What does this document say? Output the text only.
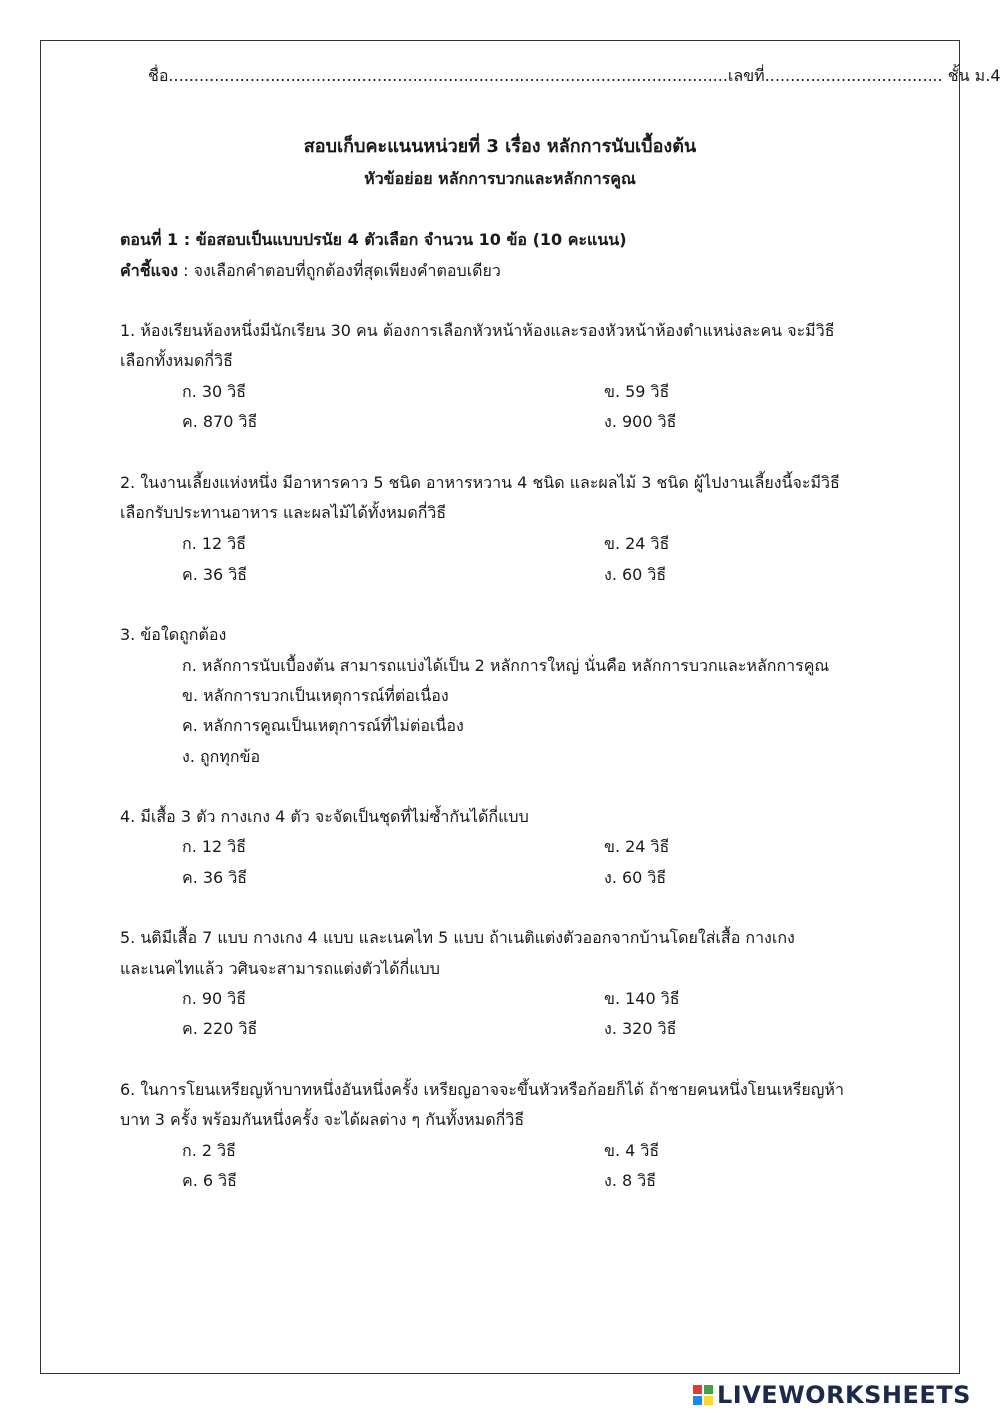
ชื่อ..............................................................................................................เลขที่................................... ชั้น ม.4
สอบเก็บคะแนนหน่วยที่ 3 เรื่อง หลักการนับเบื้องต้น
หัวข้อย่อย หลักการบวกและหลักการคูณ
ตอนที่ 1 : ข้อสอบเป็นแบบปรนัย 4 ตัวเลือก จำนวน 10 ข้อ (10 คะแนน)
คำชี้แจง : จงเลือกคำตอบที่ถูกต้องที่สุดเพียงคำตอบเดียว
1. ห้องเรียนห้องหนึ่งมีนักเรียน 30 คน ต้องการเลือกหัวหน้าห้องและรองหัวหน้าห้องตำแหน่งละคน จะมีวิธี
เลือกทั้งหมดกี่วิธี
ก. 30 วิธี	ข. 59 วิธี
ค. 870 วิธี	ง. 900 วิธี
2. ในงานเลี้ยงแห่งหนึ่ง มีอาหารคาว 5 ชนิด อาหารหวาน 4 ชนิด และผลไม้ 3 ชนิด ผู้ไปงานเลี้ยงนี้จะมีวิธี
เลือกรับประทานอาหาร และผลไม้ได้ทั้งหมดกี่วิธี
ก. 12 วิธี	ข. 24 วิธี
ค. 36 วิธี	ง. 60 วิธี
3. ข้อใดถูกต้อง
ก. หลักการนับเบื้องต้น สามารถแบ่งได้เป็น 2 หลักการใหญ่ นั่นคือ หลักการบวกและหลักการคูณ
ข. หลักการบวกเป็นเหตุการณ์ที่ต่อเนื่อง
ค. หลักการคูณเป็นเหตุการณ์ที่ไม่ต่อเนื่อง
ง. ถูกทุกข้อ
4. มีเสื้อ 3 ตัว กางเกง 4 ตัว จะจัดเป็นชุดที่ไม่ซ้ำกันได้กี่แบบ
ก. 12 วิธี	ข. 24 วิธี
ค. 36 วิธี	ง. 60 วิธี
5. นติมีเสื้อ 7 แบบ กางเกง 4 แบบ และเนคไท 5 แบบ ถ้าเนติแต่งตัวออกจากบ้านโดยใส่เสื้อ กางเกง
และเนคไทแล้ว วศินจะสามารถแต่งตัวได้กี่แบบ
ก. 90 วิธี	ข. 140 วิธี
ค. 220 วิธี	ง. 320 วิธี
6. ในการโยนเหรียญห้าบาทหนึ่งอันหนึ่งครั้ง เหรียญอาจจะขึ้นหัวหรือก้อยก็ได้ ถ้าชายคนหนึ่งโยนเหรียญห้า
บาท 3 ครั้ง พร้อมกันหนึ่งครั้ง จะได้ผลต่าง ๆ กันทั้งหมดกี่วิธี
ก. 2 วิธี	ข. 4 วิธี
ค. 6 วิธี	ง. 8 วิธี
LIVEWORKSHEETS
